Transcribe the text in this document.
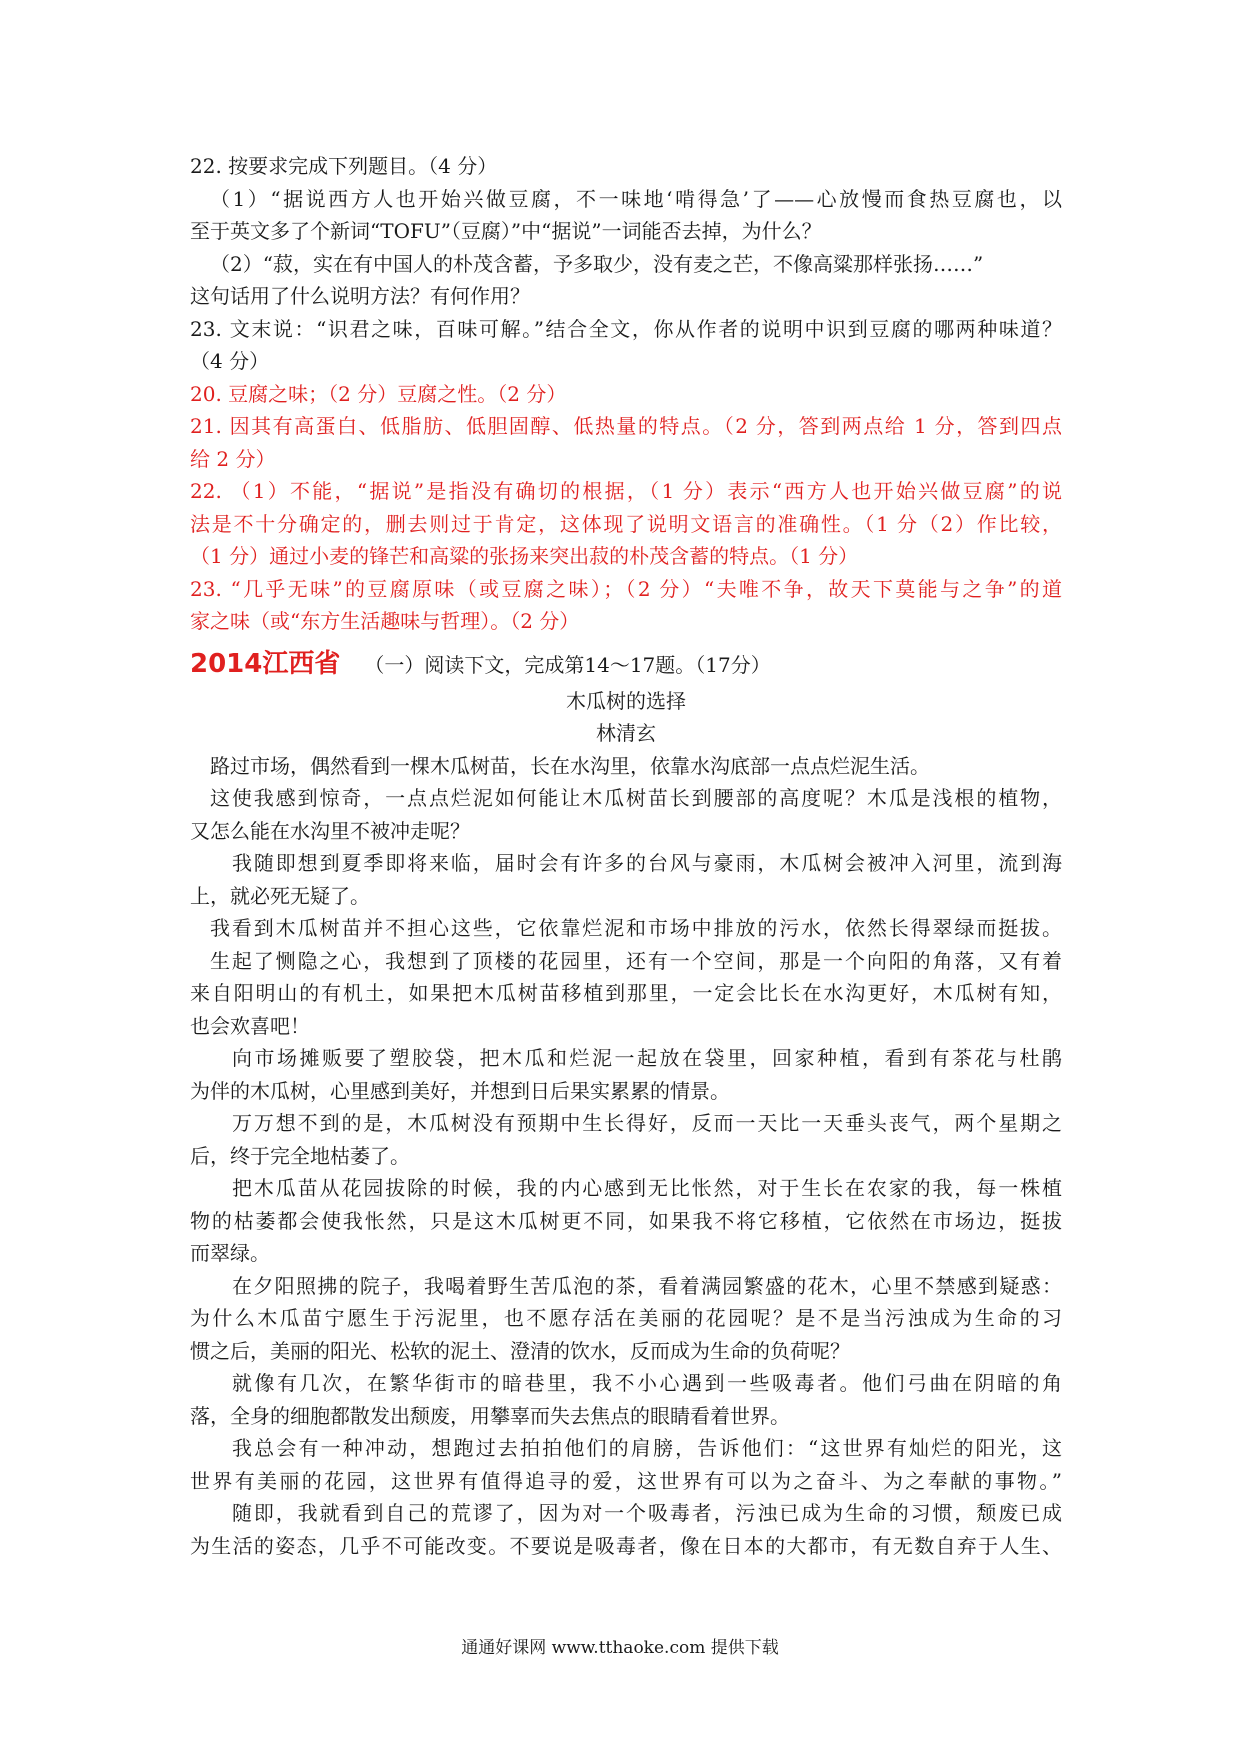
22. 按要求完成下列题目。（4 分）
（1）“据说西方人也开始兴做豆腐，不一味地‘啃得急’了——心放慢而食热豆腐也，以
至于英文多了个新词“TOFU”（豆腐）”中“据说”一词能否去掉，为什么？
（2）“菽，实在有中国人的朴茂含蓄，予多取少，没有麦之芒，不像高粱那样张扬……”
这句话用了什么说明方法？有何作用？
23. 文末说：“识君之味，百味可解。”结合全文，你从作者的说明中识到豆腐的哪两种味道？
（4 分）
20. 豆腐之味；（2 分）豆腐之性。（2 分）
21. 因其有高蛋白、低脂肪、低胆固醇、低热量的特点。（2 分，答到两点给 1 分，答到四点
给 2 分）
22. （1）不能，“据说”是指没有确切的根据，（1 分）表示“西方人也开始兴做豆腐”的说
法是不十分确定的，删去则过于肯定，这体现了说明文语言的准确性。（1 分（2）作比较，
（1 分）通过小麦的锋芒和高粱的张扬来突出菽的朴茂含蓄的特点。（1 分）
23. “几乎无味”的豆腐原味（或豆腐之味）；（2 分）“夫唯不争，故天下莫能与之争”的道
家之味（或“东方生活趣味与哲理）。（2 分）
2014江西省 （一）阅读下文，完成第14～17题。（17分）
木瓜树的选择
林清玄
路过市场，偶然看到一棵木瓜树苗，长在水沟里，依靠水沟底部一点点烂泥生活。
这使我感到惊奇，一点点烂泥如何能让木瓜树苗长到腰部的高度呢？木瓜是浅根的植物，
又怎么能在水沟里不被冲走呢？
我随即想到夏季即将来临，届时会有许多的台风与豪雨，木瓜树会被冲入河里，流到海
上，就必死无疑了。
我看到木瓜树苗并不担心这些，它依靠烂泥和市场中排放的污水，依然长得翠绿而挺拔。
生起了恻隐之心，我想到了顶楼的花园里，还有一个空间，那是一个向阳的角落，又有着
来自阳明山的有机土，如果把木瓜树苗移植到那里，一定会比长在水沟更好，木瓜树有知，
也会欢喜吧！
向市场摊贩要了塑胶袋，把木瓜和烂泥一起放在袋里，回家种植，看到有茶花与杜鹃
为伴的木瓜树，心里感到美好，并想到日后果实累累的情景。
万万想不到的是，木瓜树没有预期中生长得好，反而一天比一天垂头丧气，两个星期之
后，终于完全地枯萎了。
把木瓜苗从花园拔除的时候，我的内心感到无比怅然，对于生长在农家的我，每一株植
物的枯萎都会使我怅然，只是这木瓜树更不同，如果我不将它移植，它依然在市场边，挺拔
而翠绿。
在夕阳照拂的院子，我喝着野生苦瓜泡的茶，看着满园繁盛的花木，心里不禁感到疑惑：
为什么木瓜苗宁愿生于污泥里，也不愿存活在美丽的花园呢？是不是当污浊成为生命的习
惯之后，美丽的阳光、松软的泥土、澄清的饮水，反而成为生命的负荷呢？
就像有几次，在繁华街市的暗巷里，我不小心遇到一些吸毒者。他们弓曲在阴暗的角
落，全身的细胞都散发出颓废，用攀辜而失去焦点的眼睛看着世界。
我总会有一种冲动，想跑过去拍拍他们的肩膀，告诉他们：“这世界有灿烂的阳光，这
世界有美丽的花园，这世界有值得追寻的爱，这世界有可以为之奋斗、为之奉献的事物。”
随即，我就看到自己的荒谬了，因为对一个吸毒者，污浊已成为生命的习惯，颓废已成
为生活的姿态，几乎不可能改变。不要说是吸毒者，像在日本的大都市，有无数自弃于人生、
通通好课网 www.tthaoke.com 提供下载
